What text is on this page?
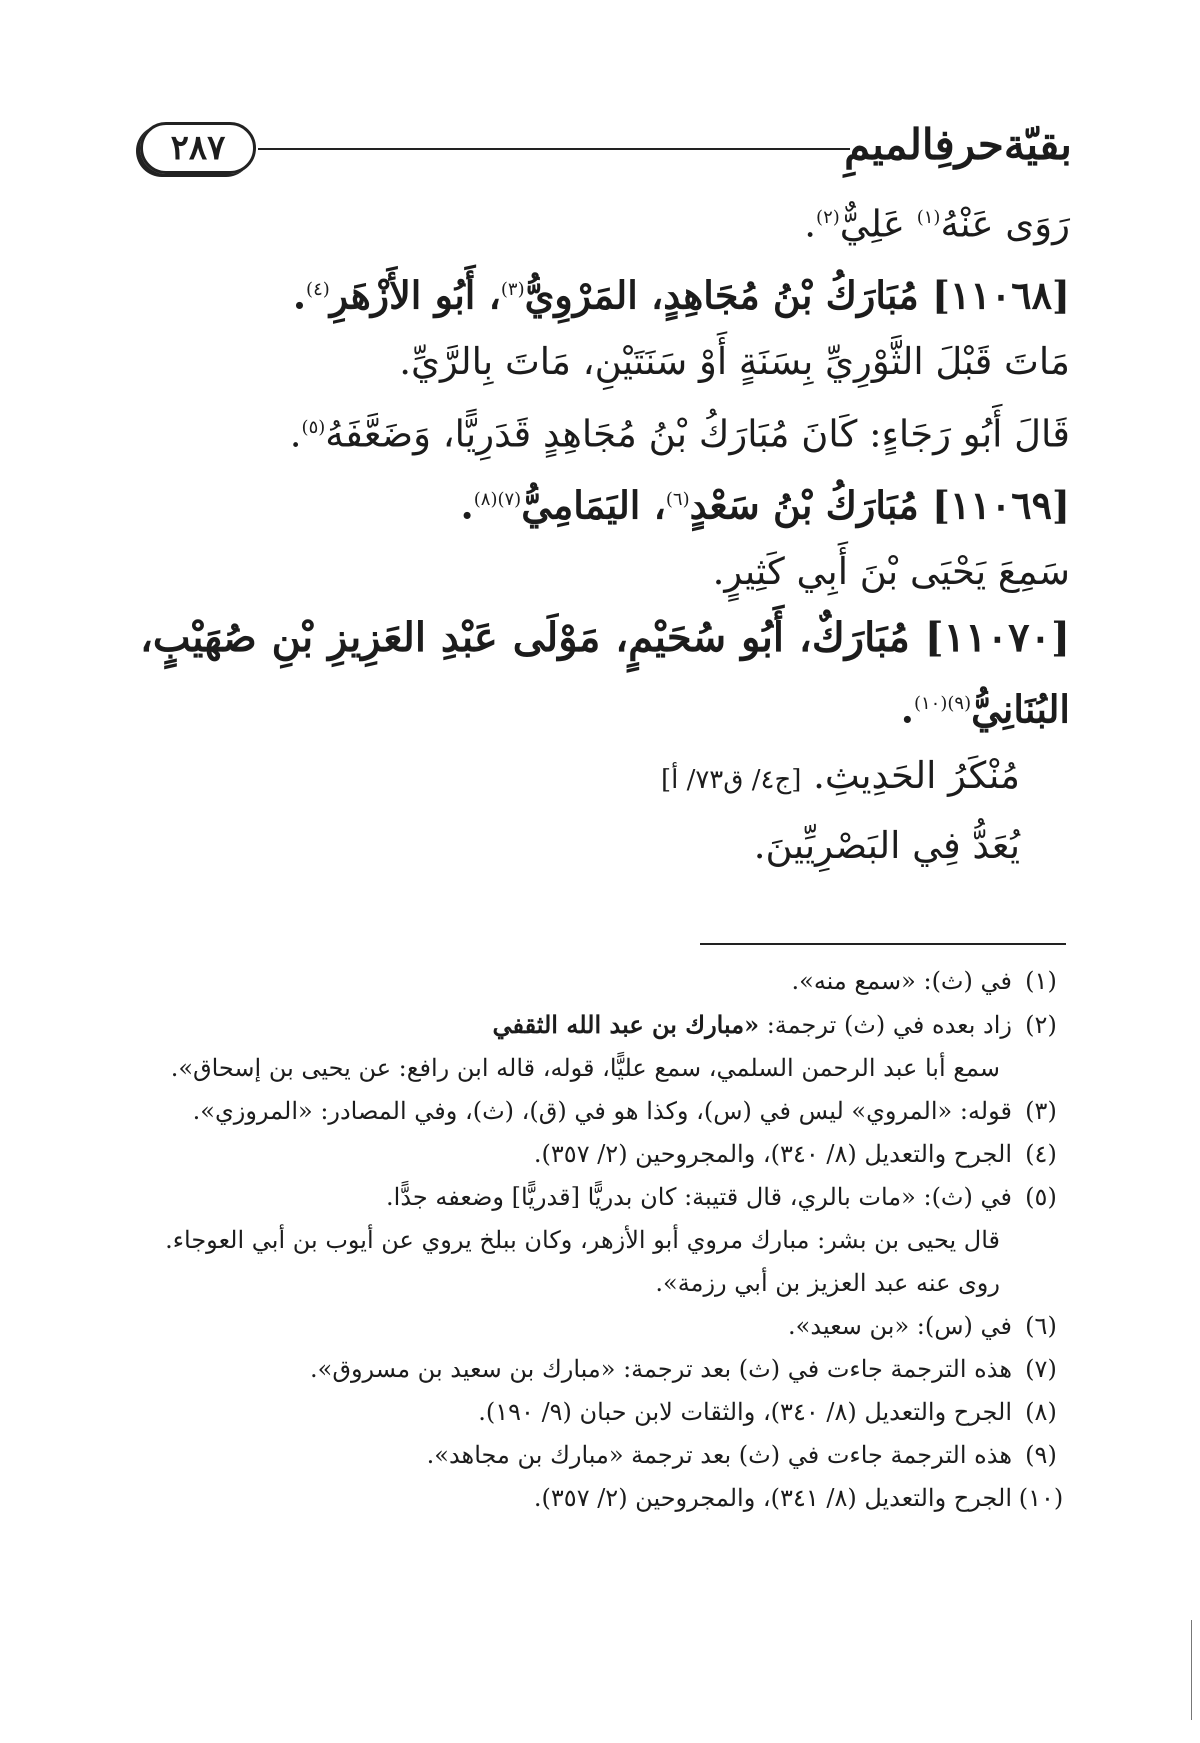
بقيّةحرفِالميمِ
٢٨٧
رَوَى عَنْهُ$^{(١)}$ عَلِيٌّ$^{(٢)}$.
[١١٠٦٨] مُبَارَكُ بْنُ مُجَاهِدٍ، المَرْوِيُّ$^{(٣)}$، أَبُو الأَزْهَرِ$^{(٤)}$.
مَاتَ قَبْلَ الثَّوْرِيِّ بِسَنَةٍ أَوْ سَنَتَيْنِ، مَاتَ بِالرَّيِّ.
قَالَ أَبُو رَجَاءٍ: كَانَ مُبَارَكُ بْنُ مُجَاهِدٍ قَدَرِيًّا، وَضَعَّفَهُ$^{(٥)}$.
[١١٠٦٩] مُبَارَكُ بْنُ سَعْدٍ$^{(٦)}$، اليَمَامِيُّ$^{(٧)(٨)}$.
سَمِعَ يَحْيَى بْنَ أَبِي كَثِيرٍ.
[١١٠٧٠] مُبَارَكٌ، أَبُو سُحَيْمٍ، مَوْلَى عَبْدِ العَزِيزِ بْنِ صُهَيْبٍ،
البُنَانِيُّ$^{(٩)(١٠)}$.
مُنْكَرُ الحَدِيثِ. [ج٤/ ق٧٣/ أ]
يُعَدُّ فِي البَصْرِيِّينَ.
(١)في (ث): «سمع منه».
(٢)زاد بعده في (ث) ترجمة: «مبارك بن عبد الله الثقفي
سمع أبا عبد الرحمن السلمي، سمع عليًّا، قوله، قاله ابن رافع: عن يحيى بن إسحاق».
(٣)قوله: «المروي» ليس في (س)، وكذا هو في (ق)، (ث)، وفي المصادر: «المروزي».
(٤)الجرح والتعديل (٨/ ٣٤٠)، والمجروحين (٢/ ٣٥٧).
(٥)في (ث): «مات بالري، قال قتيبة: كان بدريًّا [قدريًّا] وضعفه جدًّا.
قال يحيى بن بشر: مبارك مروي أبو الأزهر، وكان ببلخ يروي عن أيوب بن أبي العوجاء.
روى عنه عبد العزيز بن أبي رزمة».
(٦)في (س): «بن سعيد».
(٧)هذه الترجمة جاءت في (ث) بعد ترجمة: «مبارك بن سعيد بن مسروق».
(٨)الجرح والتعديل (٨/ ٣٤٠)، والثقات لابن حبان (٩/ ١٩٠).
(٩)هذه الترجمة جاءت في (ث) بعد ترجمة «مبارك بن مجاهد».
(١٠)الجرح والتعديل (٨/ ٣٤١)، والمجروحين (٢/ ٣٥٧).
